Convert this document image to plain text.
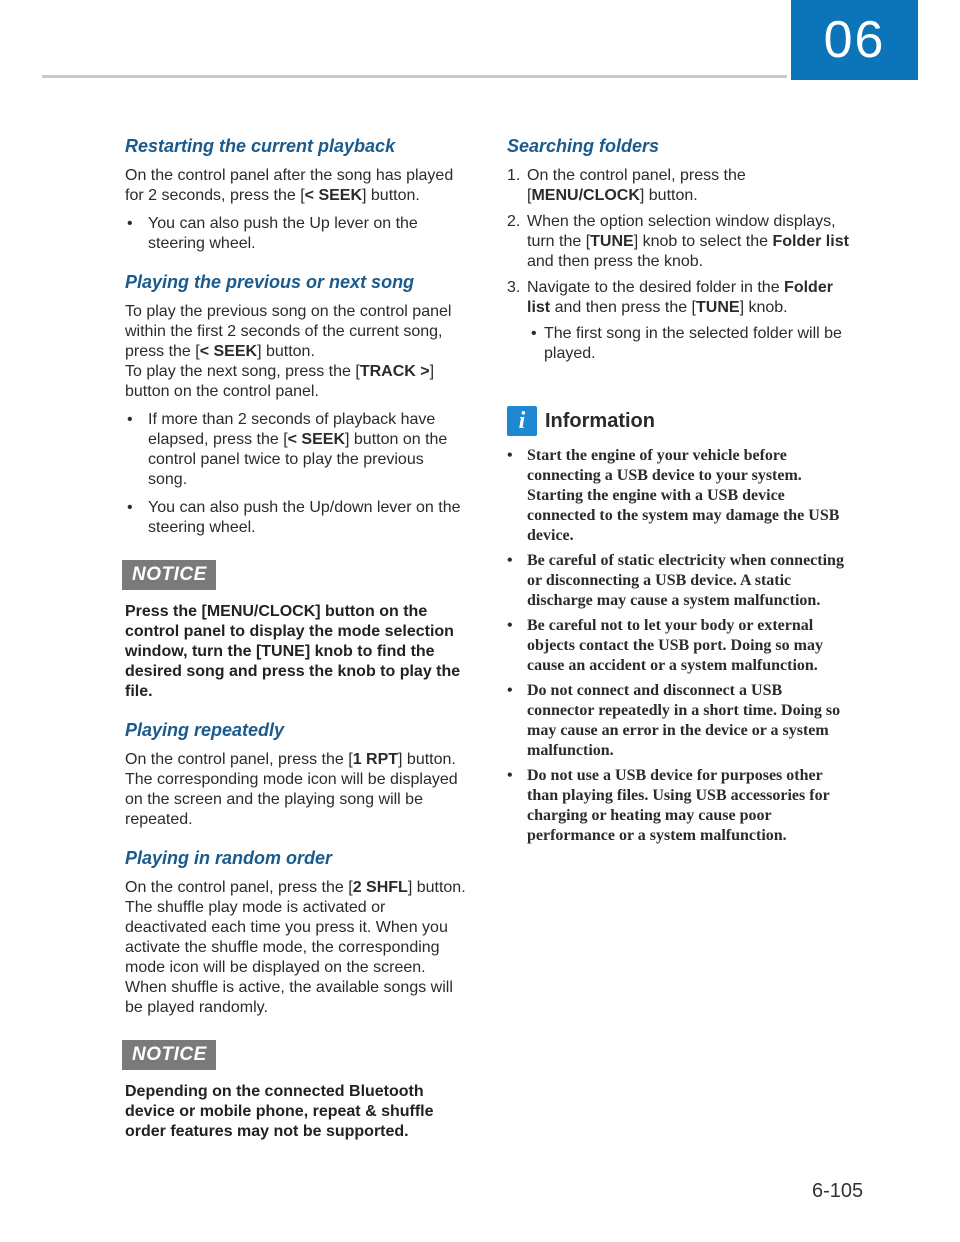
06
Restarting the current playback

On the control panel after the song has played for 2 seconds, press the [< SEEK] button.

• You can also push the Up lever on the steering wheel.
Playing the previous or next song

To play the previous song on the control panel within the first 2 seconds of the current song, press the [< SEEK] button.

To play the next song, press the [TRACK >] button on the control panel.

• If more than 2 seconds of playback have elapsed, press the [< SEEK] button on the control panel twice to play the previous song.
• You can also push the Up/down lever on the steering wheel.
NOTICE

Press the [MENU/CLOCK] button on the control panel to display the mode selection window, turn the [TUNE] knob to find the desired song and press the knob to play the file.

Playing repeatedly

On the control panel, press the [1 RPT] button. The corresponding mode icon will be displayed on the screen and the playing song will be repeated.

Playing in random order

On the control panel, press the [2 SHFL] button. The shuffle play mode is activated or deactivated each time you press it. When you activate the shuffle mode, the corresponding mode icon will be displayed on the screen. When shuffle is active, the available songs will be played randomly.

NOTICE

Depending on the connected Bluetooth device or mobile phone, repeat & shuffle order features may not be supported.

Searching folders
1. On the control panel, press the [MENU/CLOCK] button.
2. When the option selection window displays, turn the [TUNE] knob to select the Folder list and then press the knob.
3. Navigate to the desired folder in the Folder list and then press the [TUNE] knob.
• The first song in the selected folder will be played.
i Information
• Start the engine of your vehicle before connecting a USB device to your system. Starting the engine with a USB device connected to the system may damage the USB device.
• Be careful of static electricity when connecting or disconnecting a USB device. A static discharge may cause a system malfunction.
• Be careful not to let your body or external objects contact the USB port. Doing so may cause an accident or a system malfunction.
• Do not connect and disconnect a USB connector repeatedly in a short time. Doing so may cause an error in the device or a system malfunction.
• Do not use a USB device for purposes other than playing files. Using USB accessories for charging or heating may cause poor performance or a system malfunction.
6-105
